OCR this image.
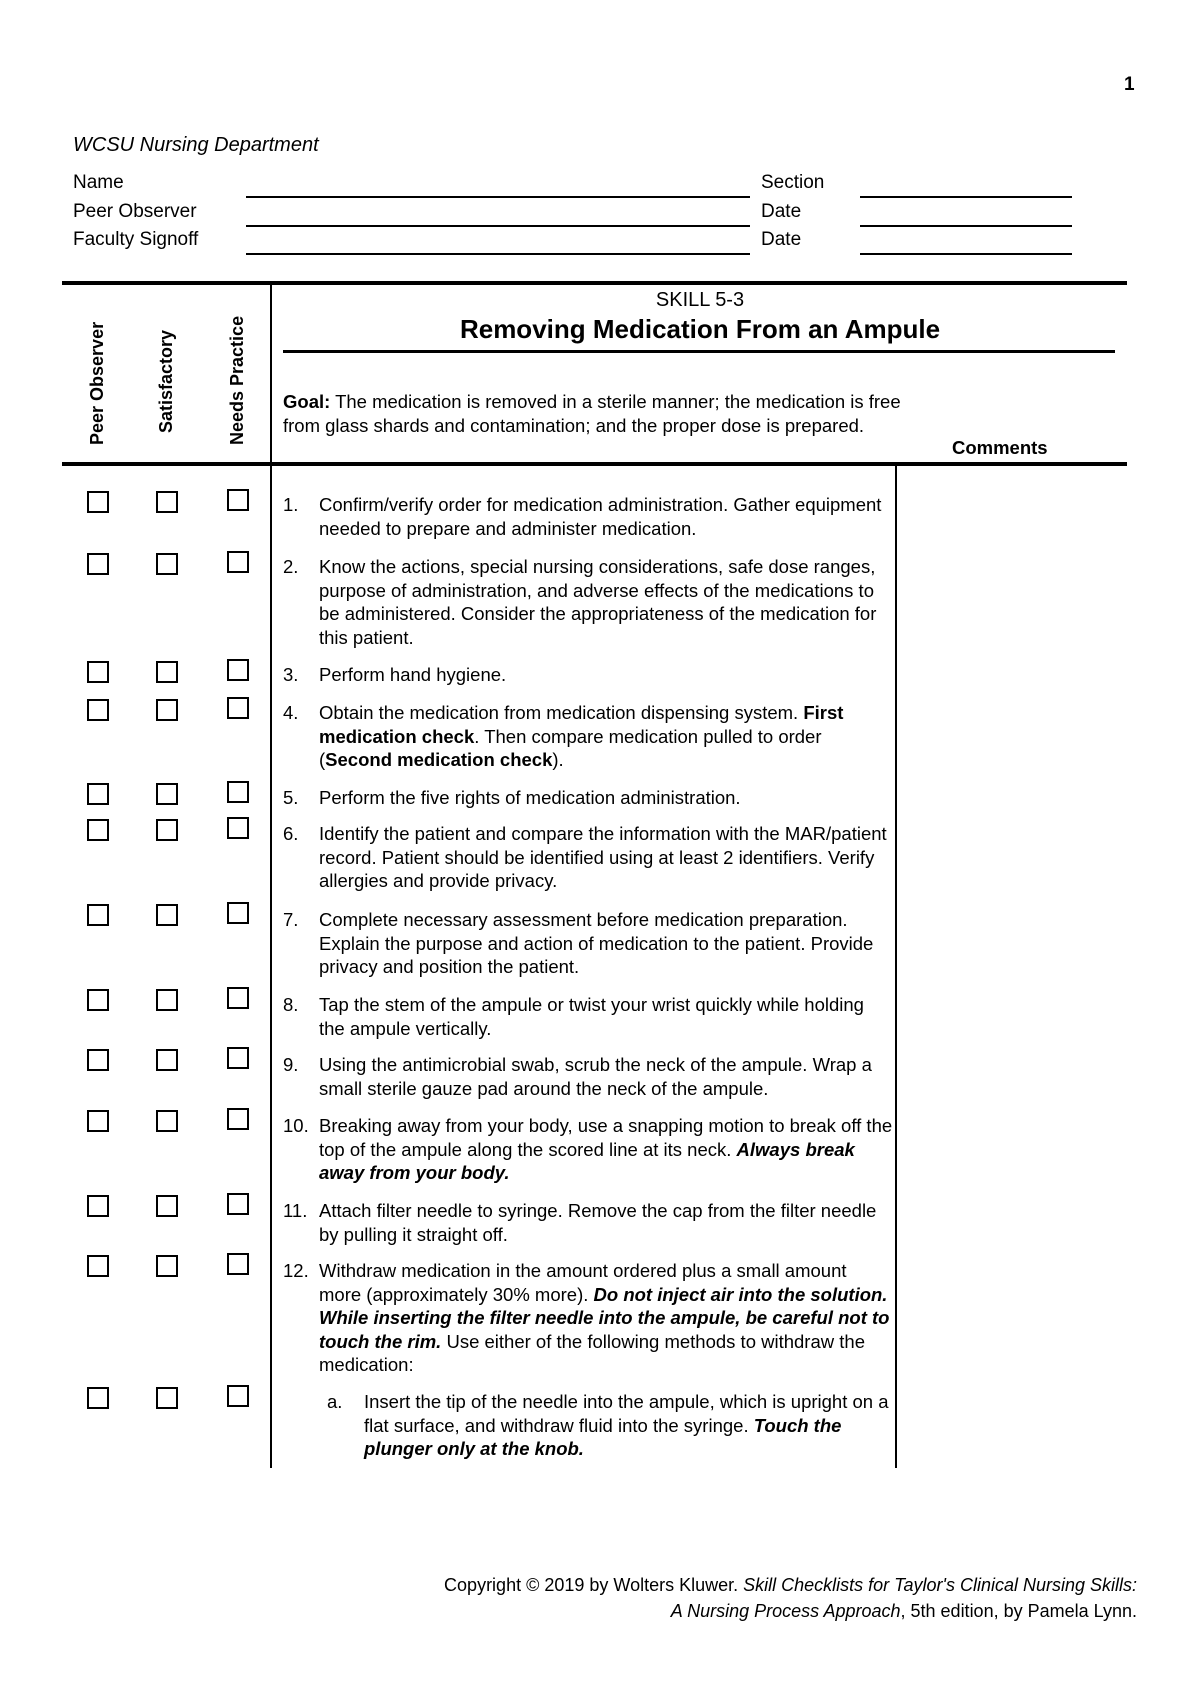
1
WCSU Nursing Department
Name	Section
Peer Observer	Date
Faculty Signoff	Date
Peer Observer	Satisfactory	Needs Practice
SKILL 5-3
Removing Medication From an Ampule
Goal: The medication is removed in a sterile manner; the medication is free from glass shards and contamination; and the proper dose is prepared.
Comments
1.	Confirm/verify order for medication administration. Gather equipment needed to prepare and administer medication.
2.	Know the actions, special nursing considerations, safe dose ranges, purpose of administration, and adverse effects of the medications to be administered. Consider the appropriateness of the medication for this patient.
3.	Perform hand hygiene.
4.	Obtain the medication from medication dispensing system. First medication check. Then compare medication pulled to order (Second medication check).
5.	Perform the five rights of medication administration.
6.	Identify the patient and compare the information with the MAR/patient record. Patient should be identified using at least 2 identifiers. Verify allergies and provide privacy.
7.	Complete necessary assessment before medication preparation. Explain the purpose and action of medication to the patient. Provide privacy and position the patient.
8.	Tap the stem of the ampule or twist your wrist quickly while holding the ampule vertically.
9.	Using the antimicrobial swab, scrub the neck of the ampule. Wrap a small sterile gauze pad around the neck of the ampule.
10. Breaking away from your body, use a snapping motion to break off the top of the ampule along the scored line at its neck. Always break away from your body.
11. Attach filter needle to syringe. Remove the cap from the filter needle by pulling it straight off.
12. Withdraw medication in the amount ordered plus a small amount more (approximately 30% more). Do not inject air into the solution. While inserting the filter needle into the ampule, be careful not to touch the rim. Use either of the following methods to withdraw the medication:
a.	Insert the tip of the needle into the ampule, which is upright on a flat surface, and withdraw fluid into the syringe. Touch the plunger only at the knob.
Copyright © 2019 by Wolters Kluwer. Skill Checklists for Taylor's Clinical Nursing Skills:
A Nursing Process Approach, 5th edition, by Pamela Lynn.
